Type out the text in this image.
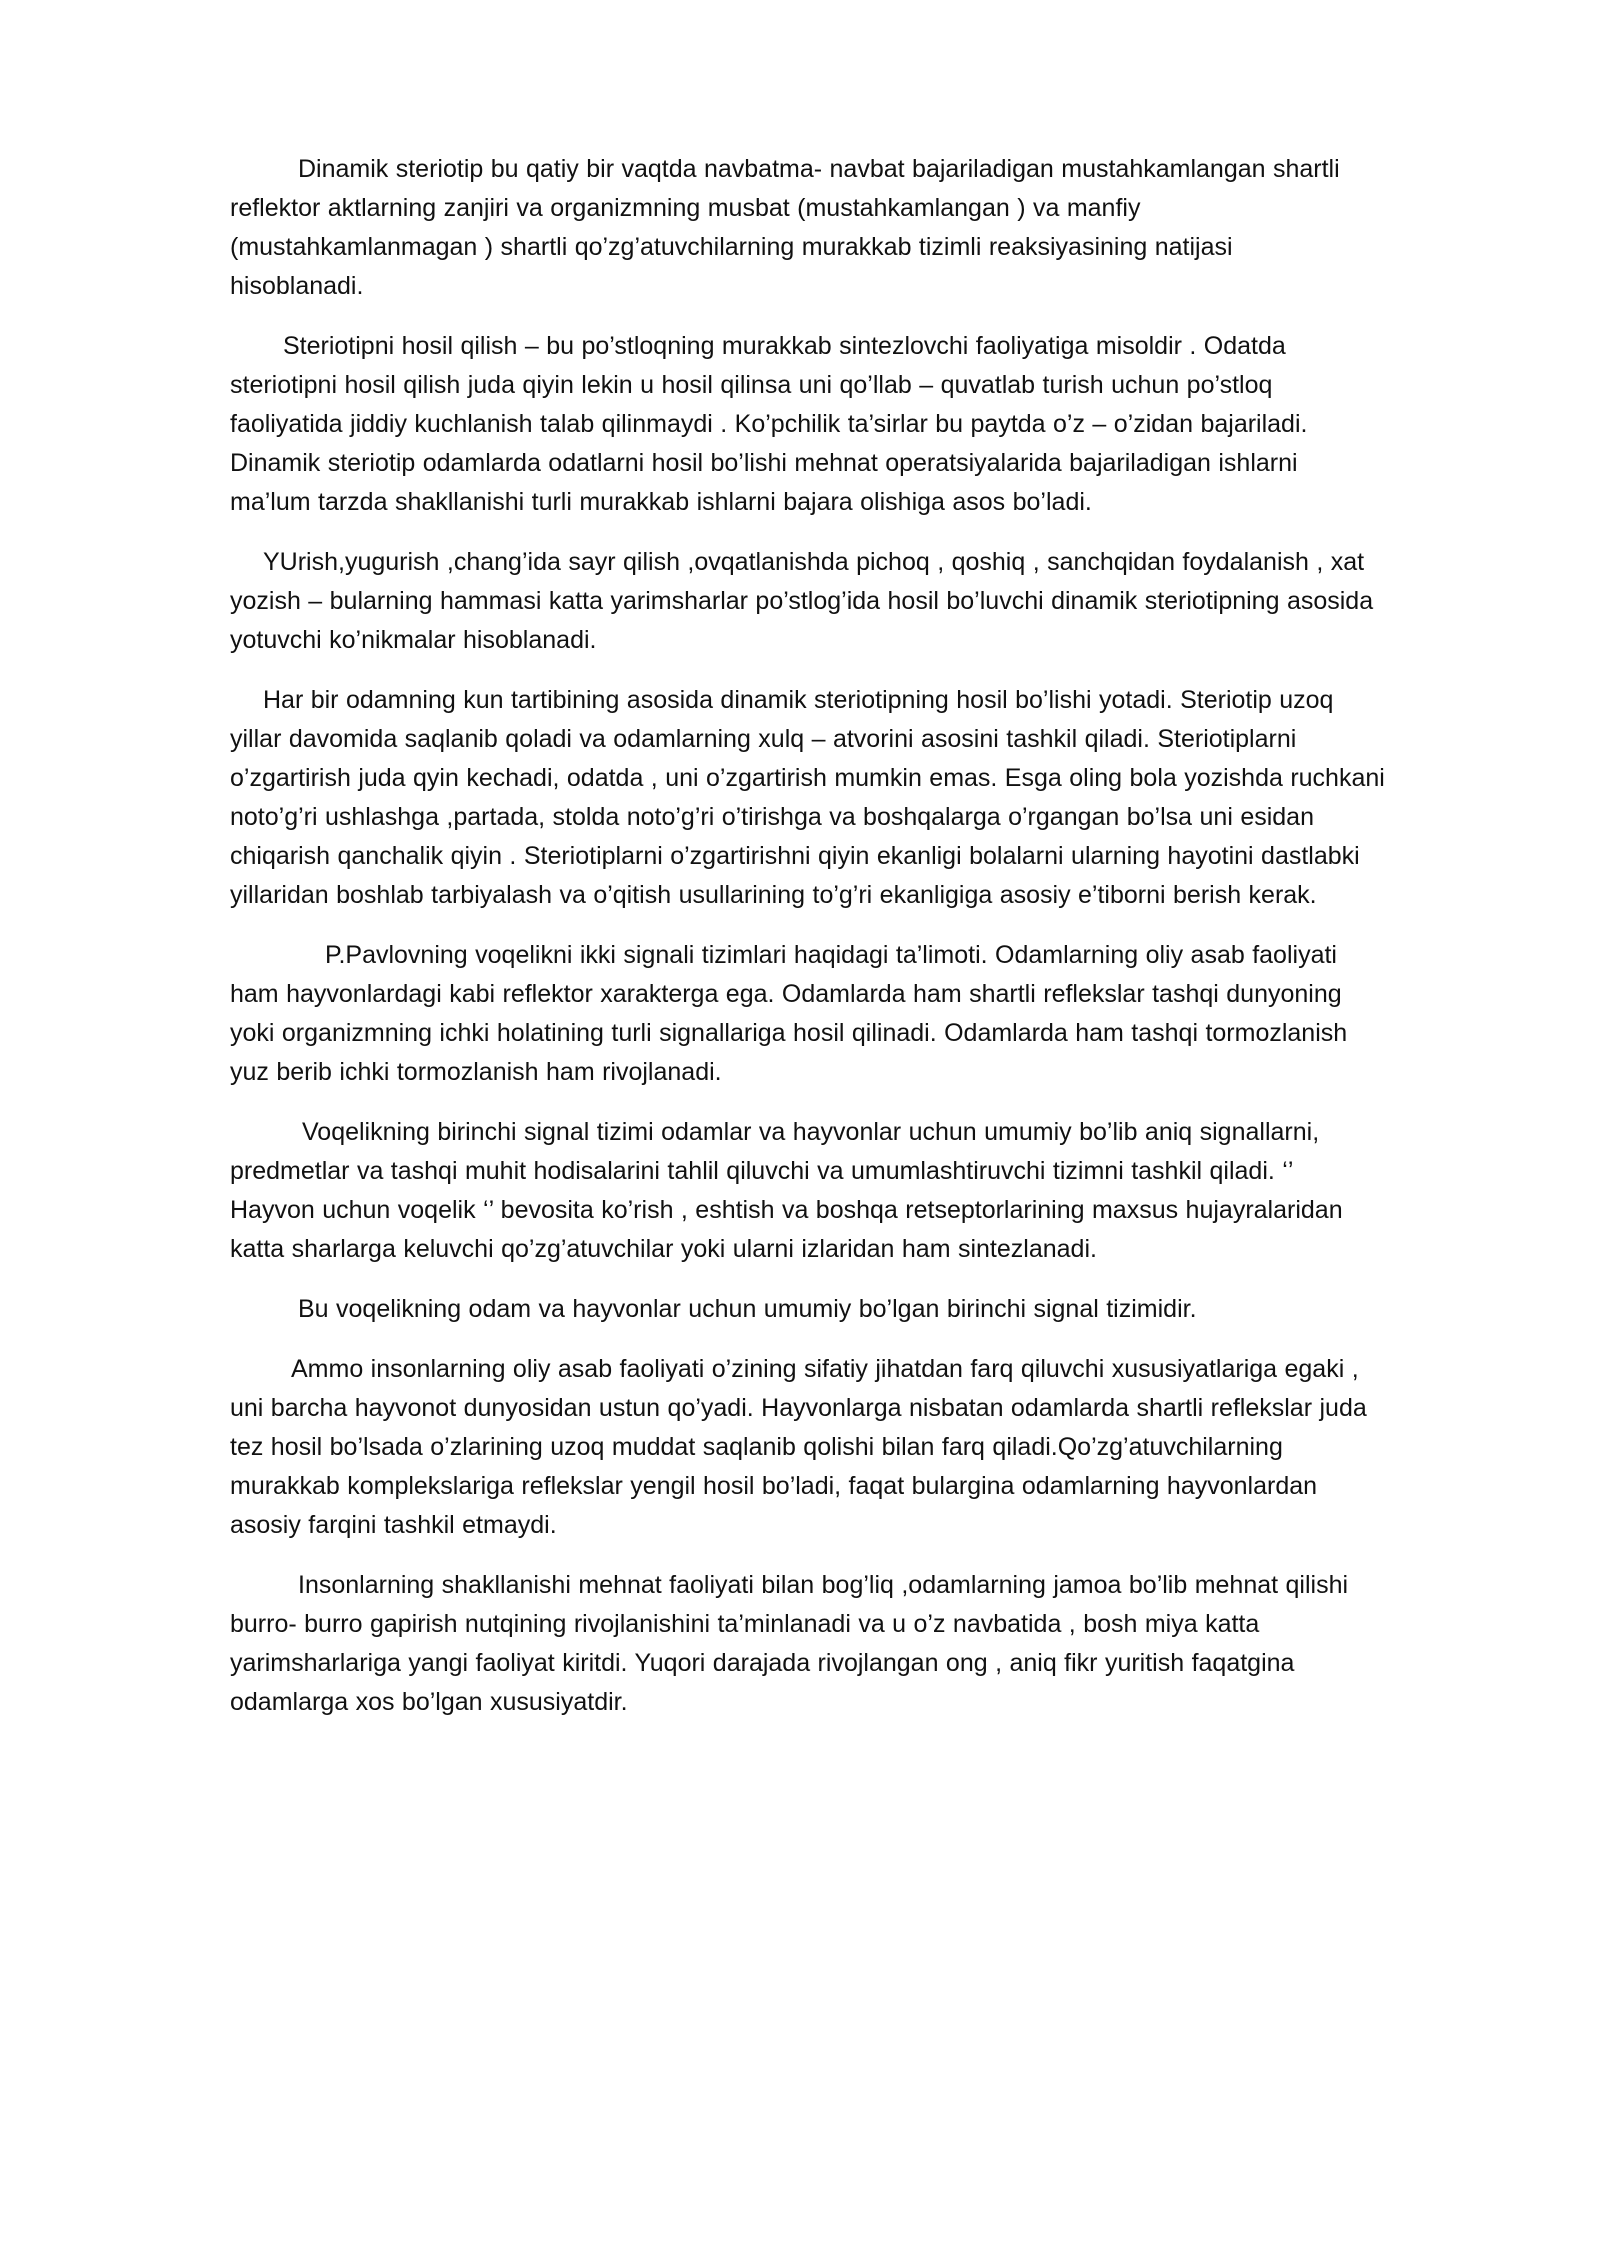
Dinamik steriotip bu qatiy bir vaqtda navbatma- navbat bajariladigan mustahkamlangan shartli
reflektor aktlarning zanjiri va organizmning musbat (mustahkamlangan ) va manfiy
(mustahkamlanmagan ) shartli qo’zg’atuvchilarning murakkab tizimli reaksiyasining natijasi
hisoblanadi.

Steriotipni hosil qilish – bu po’stloqning murakkab sintezlovchi faoliyatiga misoldir . Odatda
steriotipni hosil qilish juda qiyin lekin u hosil qilinsa uni qo’llab – quvatlab turish uchun po’stloq
faoliyatida jiddiy kuchlanish talab qilinmaydi . Ko’pchilik ta’sirlar bu paytda o’z – o’zidan bajariladi.
Dinamik steriotip odamlarda odatlarni hosil bo’lishi mehnat operatsiyalarida bajariladigan ishlarni
ma’lum tarzda shakllanishi turli murakkab ishlarni bajara olishiga asos bo’ladi.

YUrish,yugurish ,chang’ida sayr qilish ,ovqatlanishda pichoq , qoshiq , sanchqidan foydalanish , xat
yozish – bularning hammasi katta yarimsharlar po’stlog’ida hosil bo’luvchi dinamik steriotipning asosida
yotuvchi ko’nikmalar hisoblanadi.

Har bir odamning kun tartibining asosida dinamik steriotipning hosil bo’lishi yotadi. Steriotip uzoq
yillar davomida saqlanib qoladi va odamlarning xulq – atvorini asosini tashkil qiladi. Steriotiplarni
o’zgartirish juda qyin kechadi, odatda , uni o’zgartirish mumkin emas. Esga oling bola yozishda ruchkani
noto’g’ri ushlashga ,partada, stolda noto’g’ri o’tirishga va boshqalarga o’rgangan bo’lsa uni esidan
chiqarish qanchalik qiyin . Steriotiplarni o’zgartirishni qiyin ekanligi bolalarni ularning hayotini dastlabki
yillaridan boshlab tarbiyalash va o’qitish usullarining to’g’ri ekanligiga asosiy e’tiborni berish kerak.

P.Pavlovning voqelikni ikki signali tizimlari haqidagi ta’limoti. Odamlarning oliy asab faoliyati
ham hayvonlardagi kabi reflektor xarakterga ega. Odamlarda ham shartli reflekslar tashqi dunyoning
yoki organizmning ichki holatining turli signallariga hosil qilinadi. Odamlarda ham tashqi tormozlanish
yuz berib ichki tormozlanish ham rivojlanadi.

Voqelikning birinchi signal tizimi odamlar va hayvonlar uchun umumiy bo’lib aniq signallarni,
predmetlar va tashqi muhit hodisalarini tahlil qiluvchi va umumlashtiruvchi tizimni tashkil qiladi. ‘’
Hayvon uchun voqelik ‘’ bevosita ko’rish , eshtish va boshqa retseptorlarining maxsus hujayralaridan
katta sharlarga keluvchi qo’zg’atuvchilar yoki ularni izlaridan ham sintezlanadi.

Bu voqelikning odam va hayvonlar uchun umumiy bo’lgan birinchi signal tizimidir.

Ammo insonlarning oliy asab faoliyati o’zining sifatiy jihatdan farq qiluvchi xususiyatlariga egaki ,
uni barcha hayvonot dunyosidan ustun qo’yadi. Hayvonlarga nisbatan odamlarda shartli reflekslar juda
tez hosil bo’lsada o’zlarining uzoq muddat saqlanib qolishi bilan farq qiladi.Qo’zg’atuvchilarning
murakkab komplekslariga reflekslar yengil hosil bo’ladi, faqat bulargina odamlarning hayvonlardan
asosiy farqini tashkil etmaydi.

Insonlarning shakllanishi mehnat faoliyati bilan bog’liq ,odamlarning jamoa bo’lib mehnat qilishi
burro- burro gapirish nutqining rivojlanishini ta’minlanadi va u o’z navbatida , bosh miya katta
yarimsharlariga yangi faoliyat kiritdi. Yuqori darajada rivojlangan ong , aniq fikr yuritish faqatgina
odamlarga xos bo’lgan xususiyatdir.
